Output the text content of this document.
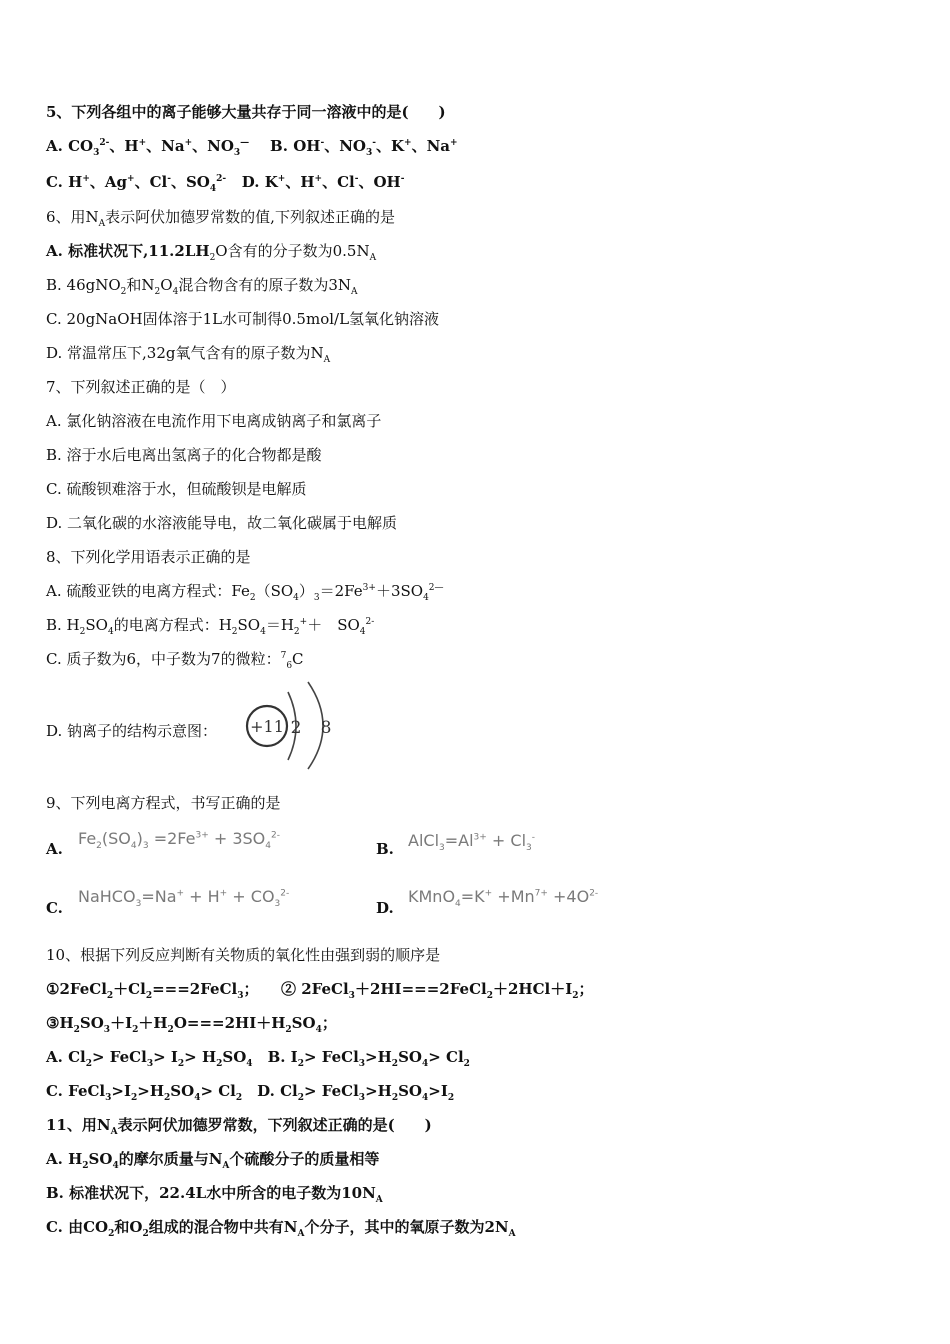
5、下列各组中的离子能够大量共存于同一溶液中的是(　　)
A. $CO_3^{2-}$、H+、Na+、$NO_3^—$ B. OH-、$NO_3^-$、K+、Na+
C. H+、Ag+、Cl-、$SO_4^{2-}$ D. K+、H+、Cl-、OH-
6、用$N_A$表示阿伏加德罗常数的值,下列叙述正确的是
A. 标准状况下$,11.2LH_2O$含有的分子数为$0.5N_A$
B. 46gNO$_2$和$N_2O_4$混合物含有的原子数为$3N_A$
C. 20gNaOH固体溶于1L水可制得0.5mol/L氢氧化钠溶液
D. 常温常压下,32g氧气含有的原子数为$N_A$
7、下列叙述正确的是（　）
A. 氯化钠溶液在电流作用下电离成钠离子和氯离子
B. 溶于水后电离出氢离子的化合物都是酸
C. 硫酸钡难溶于水，但硫酸钡是电解质
D. 二氧化碳的水溶液能导电，故二氧化碳属于电解质
8、下列化学用语表示正确的是
A. 硫酸亚铁的电离方程式：$Fe_2(SO_4)_3=2Fe^{3+}+3SO_4^{2—}$
B. $H_2SO_4$的电离方程式：$H_2SO_4=H_2^++$　$SO_4^{2-}$
C. 质子数为6，中子数为7的微粒：$^7_6$C
D. 钠离子的结构示意图： +11 2 8
9、下列电离方程式，书写正确的是
A.
$Fe_2(SO_4)_3 =2Fe^{3+} + 3SO_4^{2-}$
B. $AlCl_3=Al^{3+} + Cl_3^-$
C.
NaHCO$_3$=Na+ + $H^+ + CO_3^{2-}$
D.
KMnO$_4$=K+ $+Mn^{7+} +4O^{2-}$
10、根据下列反应判断有关物质的氧化性由强到弱的顺序是
$①2FeCl_2+Cl_2===2FeCl_3$；　　② $2FeCl_3+2HI===2FeCl_2+2HCl+I_2$；
$③H_2SO_3+I_2+H_2O===2HI+H_2SO_4$；
A. $Cl_2>$ FeCl$_3$> $I_2> H_2SO_4$　B. $I_2>$ $FeCl_3>H_2SO_4> Cl_2$
C. $FeCl_3>I_2>H_2SO_4> Cl_2$　D. $Cl_2>$ $FeCl_3>H_2SO_4>I_2$
11、用$N_A$表示阿伏加德罗常数，下列叙述正确的是(　　)
A. $H_2SO_4$的摩尔质量与$N_A$个硫酸分子的质量相等
B. 标准状况下，22.4L水中所含的电子数为$10N_A$
C. 由$CO_2$和$O_2$组成的混合物中共有$N_A$个分子，其中的氧原子数为$2N_A$
